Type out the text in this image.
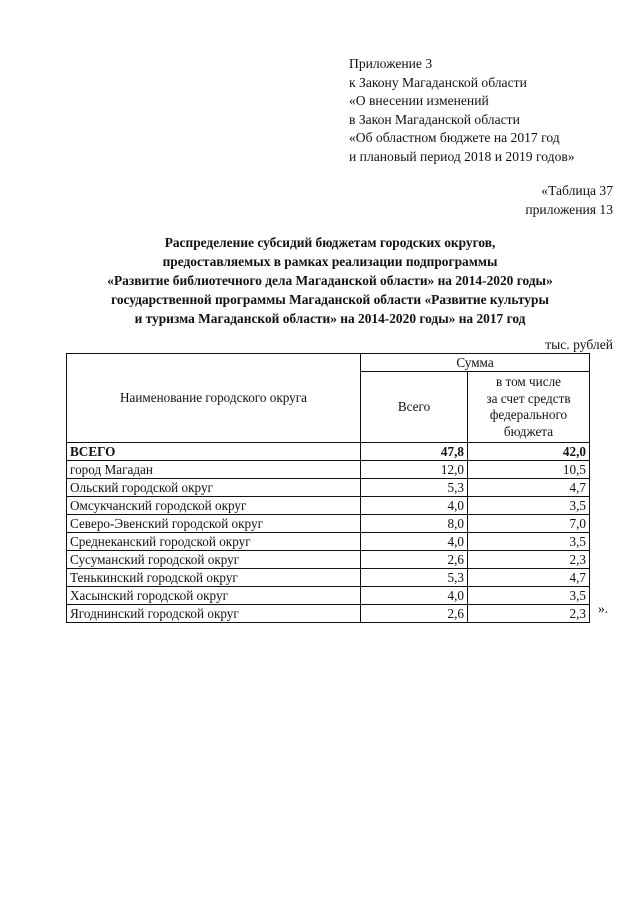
Приложение 3
к Закону Магаданской области
«О внесении изменений
в Закон Магаданской области
«Об областном бюджете на 2017 год
и плановый период 2018 и 2019 годов»
«Таблица 37
приложения 13
Распределение субсидий бюджетам городских округов,
предоставляемых в рамках реализации подпрограммы
«Развитие библиотечного дела Магаданской области» на 2014-2020 годы»
государственной программы Магаданской области «Развитие культуры
и туризма Магаданской области» на 2014-2020 годы» на 2017 год
тыс. рублей
Наименование городского округа	Сумма	
	Всего	в том числе
за счет средств
федерального
бюджета

ВСЕГО	47,8	42,0
город Магадан	12,0	10,5
Ольский городской округ	5,3	4,7
Омсукчанский городской округ	4,0	3,5
Северо-Эвенский городской округ	8,0	7,0
Среднеканский городской округ	4,0	3,5
Сусуманский городской округ	2,6	2,3
Тенькинский городской округ	5,3	4,7
Хасынский городской округ	4,0	3,5
Ягоднинский городской округ	2,6	2,3 ».
